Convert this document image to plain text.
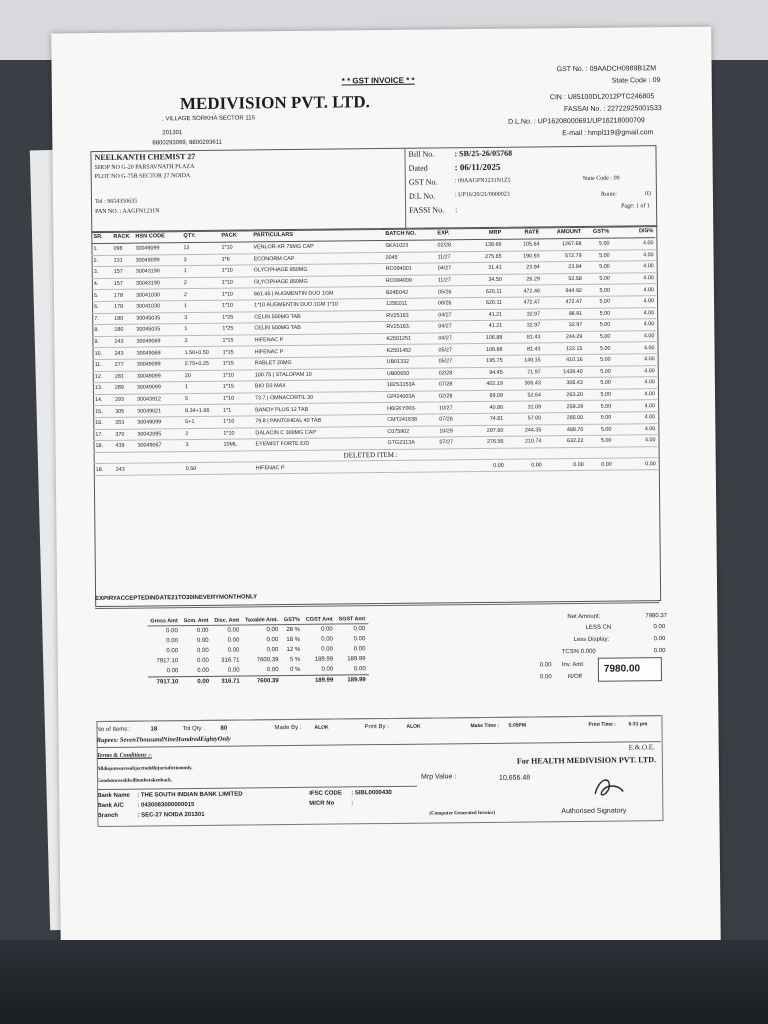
* * GST INVOICE * *
MEDIVISION PVT. LTD.
, VILLAGE SORKHA SECTOR 115
201301
8800293069, 8800293611
GST No. : 09AADCH0989B1ZM
State Code : 09
CIN : U85100DL2012PTC246805
FASSAI No. : 22722925001533
D.L.No. : UP16208000691/UP16218000709
E-mail : hmpl119@gmail.com
NEELKANTH CHEMIST 27
SHOP NO G-20 PARSAVNATH PLAZA
PLOT NO G-75B SECTOR 27 NOIDA
Tel : 9654350635
PAN NO. : AAGFN1231N
Bill No.	: SB/25-26/05768
Dated	: 06/11/2025
GST No.	: 09AAGFN1231N1Z5
D.L No.	: UP16/20/21/0000923
FASSI No. :
State Code : 09
Route:	03
Page: 1 of 1
SR.	RACK	HSN CODE	QTY.	PACK	PARTICULARS	BATCH NO.	EXP.	MRP	RATE	AMOUNT	GST%	DIS%
1.	098	30049099	12	1*10	VENLOR-XR 75MG CAP	SKA1023	02/28	138.66	105.64	1267.68	5.00	4.00
2.	131	30049099	3	1*6	ECONORM CAP	2045	11/27	275.65	190.93	572.79	5.00	4.00
3.	157	30043190	1	1*10	GLYCIPHAGE 850MG	RO394001	04/27	31.41	23.94	23.94	5.00	4.00
4.	157	30043190	2	1*10	GLYCIPHAGE 850MG	RO394009	11/27	34.50	26.29	52.58	5.00	4.00
5.	178	30041030	2	1*10	661.45 | AUGMENTIN DUO 1GM	B24E042	05/26	620.11	472.46	944.92	5.00	4.00
6.	178	30041030	1	1*10	1*10 AUGMENTIN DUO 1GM 1*10	125E011	08/26	620.11	472.47	472.47	5.00	4.00
7.	180	30045035	3	1*25	CELIN 500MG TAB	RV25163	04/27	41.21	32.97	98.91	5.00	4.00
8.	180	30045035	1	1*25	CELIN 500MG TAB	RV25163.	04/27	41.21	32.97	32.97	5.00	4.00
9.	243	30049069	3	1*15	HIFENAC P	K2501251	04/27	106.88	81.43	244.29	5.00	4.00
10.	243	30049069	1.50+0.50	1*15	HIFENAC P	K2501452	05/27	106.88	81.43	122.15	5.00	4.00
11.	277	30049099	2.75+0.25	1*15	RABLET 20MG	UB01332	05/27	195.75	149.15	410.16	5.00	4.00
12.	281	30049099	20	1*10	100.75 | STALOPAM 10	UB00650	02/28	94.45	71.97	1439.40	5.00	4.00
13.	289	30049099	1	1*15	BIO D3 MAX	182S3153A	07/28	402.19	306.43	306.43	5.00	4.00
14.	293	30043912	5	1*10	73.7 | OMNACORTIL 30	GPI24003A	02/28	69.09	52.64	263.20	5.00	4.00
15.	305	30049021	8.34+1.66	1*1	BANDY PLUS 12 TAB	H6GKY003-	10/27	40.80	31.09	259.29	5.00	4.00
16.	353	30049099	5+1	1*10	79.8 | PANTOHEAL 40 TAB	CMT241638	07/26	74.81	57.00	285.00	5.00	4.00
17.	370	30042095	2	1*10	DALACIN C 300MG CAP	C075902	10/29	297.60	244.35	488.70	5.00	4.00
18.	439	30049067	3	10ML	EYEMIST FORTE E/D	GTG2313A	07/27	276.56	210.74	632.22	5.00	4.00
DELETED ITEM :												
18.	243		0.50		HIFENAC P			0.00	0.00	0.00	0.00	0.00
EXPIRYACCEPTEDINDATE21TO30INEVERYMONTHONLY
Gross Amt	Scm. Amt	Disc. Amt	Taxable Amt.	GST%	CGST Amt	SGST Amt
0.00	0.00	0.00	0.00	28 %	0.00	0.00
0.00	0.00	0.00	0.00	18 %	0.00	0.00
0.00	0.00	0.00	0.00	12 %	0.00	0.00
7917.10	0.00	316.71	7600.39	5 %	189.99	189.99
0.00	0.00	0.00	0.00	0 %	0.00	0.00
7917.10	0.00	316.71	7600.39		189.99	189.99
Net Amount:	7980.37
LESS CN	0.00
Less Display:	0.00
TCS% 0.000	0.00
Inv. Amt.
0.00
R/Off
0.00
7980.00
No of Items :	18	Tot Qty :	80	Made By :	ALOK	Print By :	ALOK	Make Time : 5:05PM	Print Time :	6:31 pm
Rupees: SevenThousandNineHundredEightyOnly
E.&.O.E.
Terms & Conditions :-
Alldisputesaresubjecttodelhijurisdictiononly.
Goodsoncesoldwillnotbetakenback.
For HEALTH MEDIVISION PVT. LTD.
Mrp Value :	10,656.48
Bank Name : THE SOUTH INDIAN BANK LIMITED
Bank A/C : 0430083000000015
Branch	: SEC-27 NOIDA 201301
IFSC CODE : SIBL0000430
MICR No	:
(Computer Generated Invoice)	Authorised Signatory
